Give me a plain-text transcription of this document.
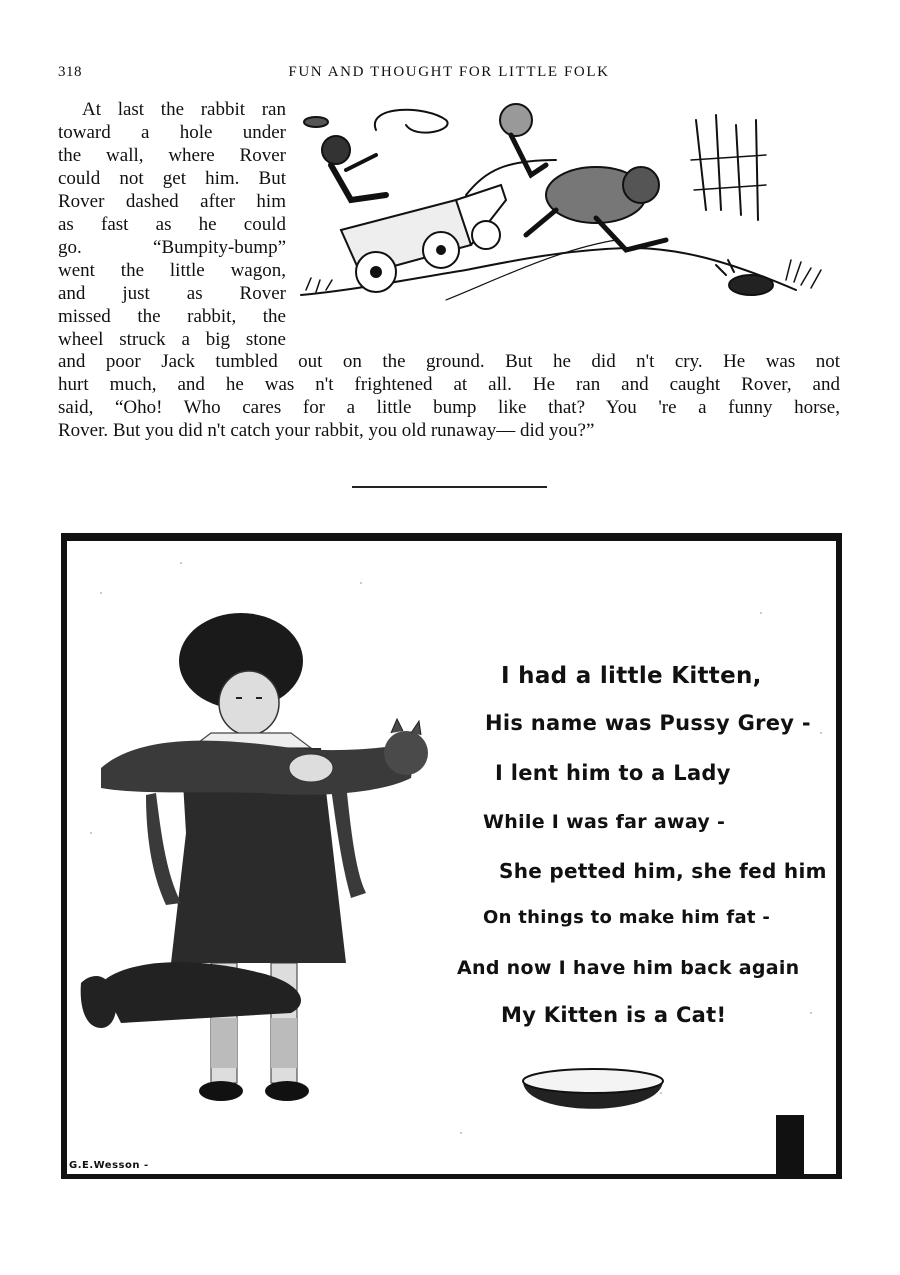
318	FUN AND THOUGHT FOR LITTLE FOLK
At last the rabbit ran
toward a hole under
the wall, where Rover
could not get him. But
Rover dashed after him
as fast as he could
go. “Bumpity-bump”
went the little wagon,
and just as Rover
missed the rabbit, the
wheel struck a big stone
and poor Jack tumbled out on the ground. But he did n't cry. He was not
hurt much, and he was n't frightened at all. He ran and caught Rover, and
said, “Oho! Who cares for a little bump like that? You 're a funny horse,
Rover. But you did n't catch your rabbit, you old runaway— did you?”
I had a little Kitten,
His name was Pussy Grey -
I lent him to a Lady
While I was far away -
She petted him, she fed him
On things to make him fat -
And now I have him back again
My Kitten is a Cat!
G.E.Wesson -
